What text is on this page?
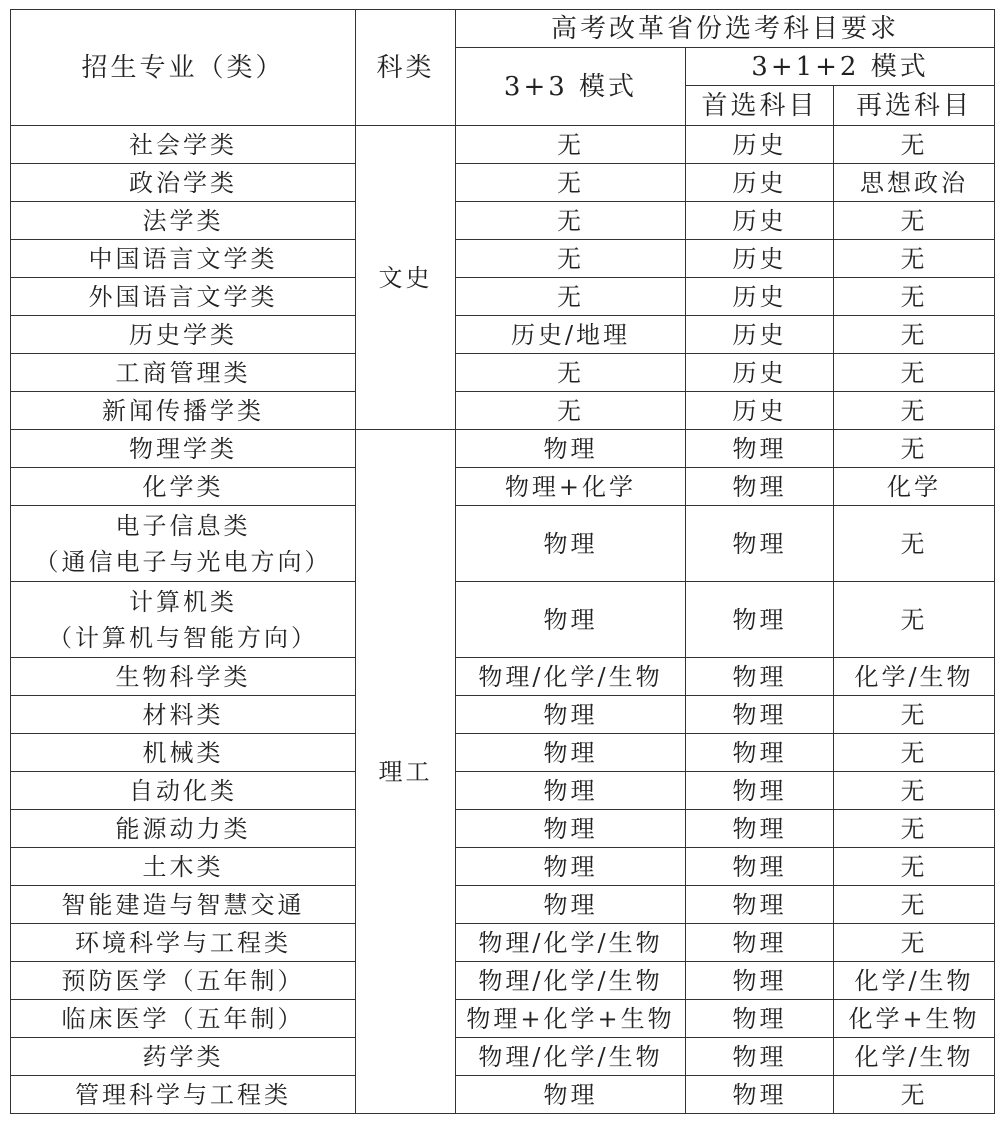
招生专业（类）	科类	高考改革省份选考科目要求		
		3+3 模式	3+1+2 模式	
			首选科目	再选科目

社会学类	文史	无	历史	无

政治学类		无	历史	思想政治

法学类		无	历史	无

中国语言文学类		无	历史	无

外国语言文学类		无	历史	无

历史学类		历史/地理	历史	无

工商管理类		无	历史	无

新闻传播学类		无	历史	无

物理学类	理工	物理	物理	无

化学类		物理+化学	物理	化学

电子信息类
（通信电子与光电方向）		物理	物理	无

计算机类
（计算机与智能方向）		物理	物理	无

生物科学类		物理/化学/生物	物理	化学/生物

材料类		物理	物理	无

机械类		物理	物理	无

自动化类		物理	物理	无

能源动力类		物理	物理	无

土木类		物理	物理	无

智能建造与智慧交通		物理	物理	无

环境科学与工程类		物理/化学/生物	物理	无

预防医学（五年制）		物理/化学/生物	物理	化学/生物

临床医学（五年制）		物理+化学+生物	物理	化学+生物

药学类		物理/化学/生物	物理	化学/生物

管理科学与工程类		物理	物理	无
